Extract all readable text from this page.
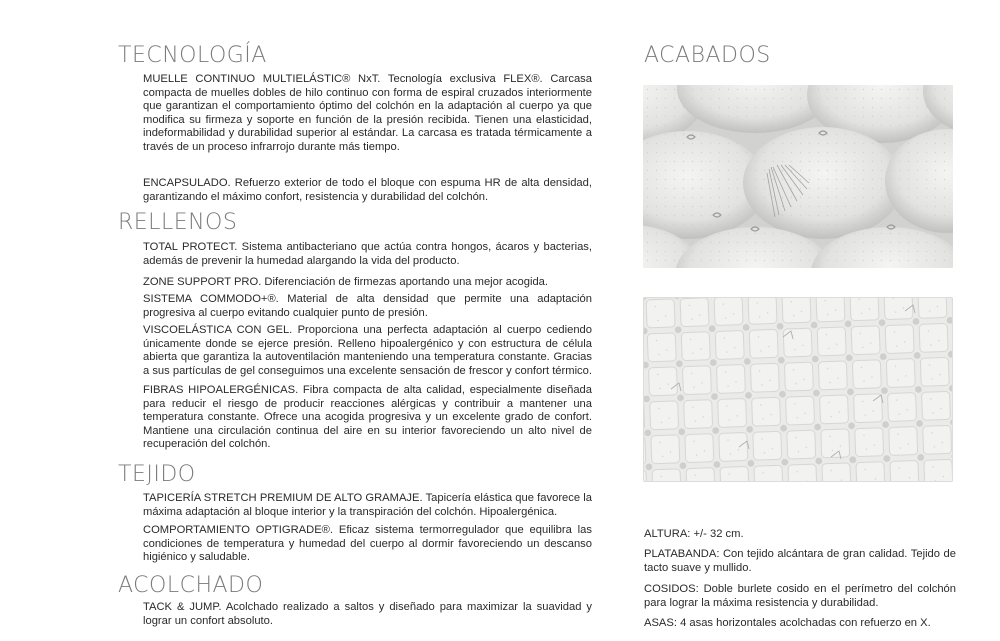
TECNOLOGÍA
MUELLE CONTINUO MULTIELÁSTIC® NxT. Tecnología exclusiva FLEX®. Carcasa compacta de muelles dobles de hilo continuo con forma de espiral cruzados interiormente que garantizan el comportamiento óptimo del colchón en la adaptación al cuerpo ya que modifica su firmeza y soporte en función de la presión recibida. Tienen una elasticidad, indeformabilidad y durabilidad superior al estándar. La carcasa es tratada térmicamente a través de un proceso infrarrojo durante más tiempo.
ENCAPSULADO. Refuerzo exterior de todo el bloque con espuma HR de alta densidad, garantizando el máximo confort, resistencia y durabilidad del colchón.
RELLENOS
TOTAL PROTECT. Sistema antibacteriano que actúa contra hongos, ácaros y bacterias, además de prevenir la humedad alargando la vida del producto.
ZONE SUPPORT PRO. Diferenciación de firmezas aportando una mejor acogida.
SISTEMA COMMODO+®. Material de alta densidad que permite una adaptación progresiva al cuerpo evitando cualquier punto de presión.
VISCOELÁSTICA CON GEL. Proporciona una perfecta adaptación al cuerpo cediendo únicamente donde se ejerce presión. Relleno hipoalergénico y con estructura de célula abierta que garantiza la autoventilación manteniendo una temperatura constante. Gracias a sus partículas de gel conseguimos una excelente sensación de frescor y confort térmico.
FIBRAS HIPOALERGÉNICAS. Fibra compacta de alta calidad, especialmente diseñada para reducir el riesgo de producir reacciones alérgicas y contribuir a mantener una temperatura constante. Ofrece una acogida progresiva y un excelente grado de confort. Mantiene una circulación continua del aire en su interior favoreciendo un alto nivel de recuperación del colchón.
TEJIDO
TAPICERÍA STRETCH PREMIUM DE ALTO GRAMAJE. Tapicería elástica que favorece la máxima adaptación al bloque interior y la transpiración del colchón. Hipoalergénica.
COMPORTAMIENTO OPTIGRADE®. Eficaz sistema termorregulador que equilibra las condiciones de temperatura y humedad del cuerpo al dormir favoreciendo un descanso higiénico y saludable.
ACOLCHADO
TACK & JUMP. Acolchado realizado a saltos y diseñado para maximizar la suavidad y lograr un confort absoluto.
ACABADOS
ALTURA: +/- 32 cm.
PLATABANDA: Con tejido alcántara de gran calidad. Tejido de tacto suave y mullido.
COSIDOS: Doble burlete cosido en el perímetro del colchón para lograr la máxima resistencia y durabilidad.
ASAS: 4 asas horizontales acolchadas con refuerzo en X.
